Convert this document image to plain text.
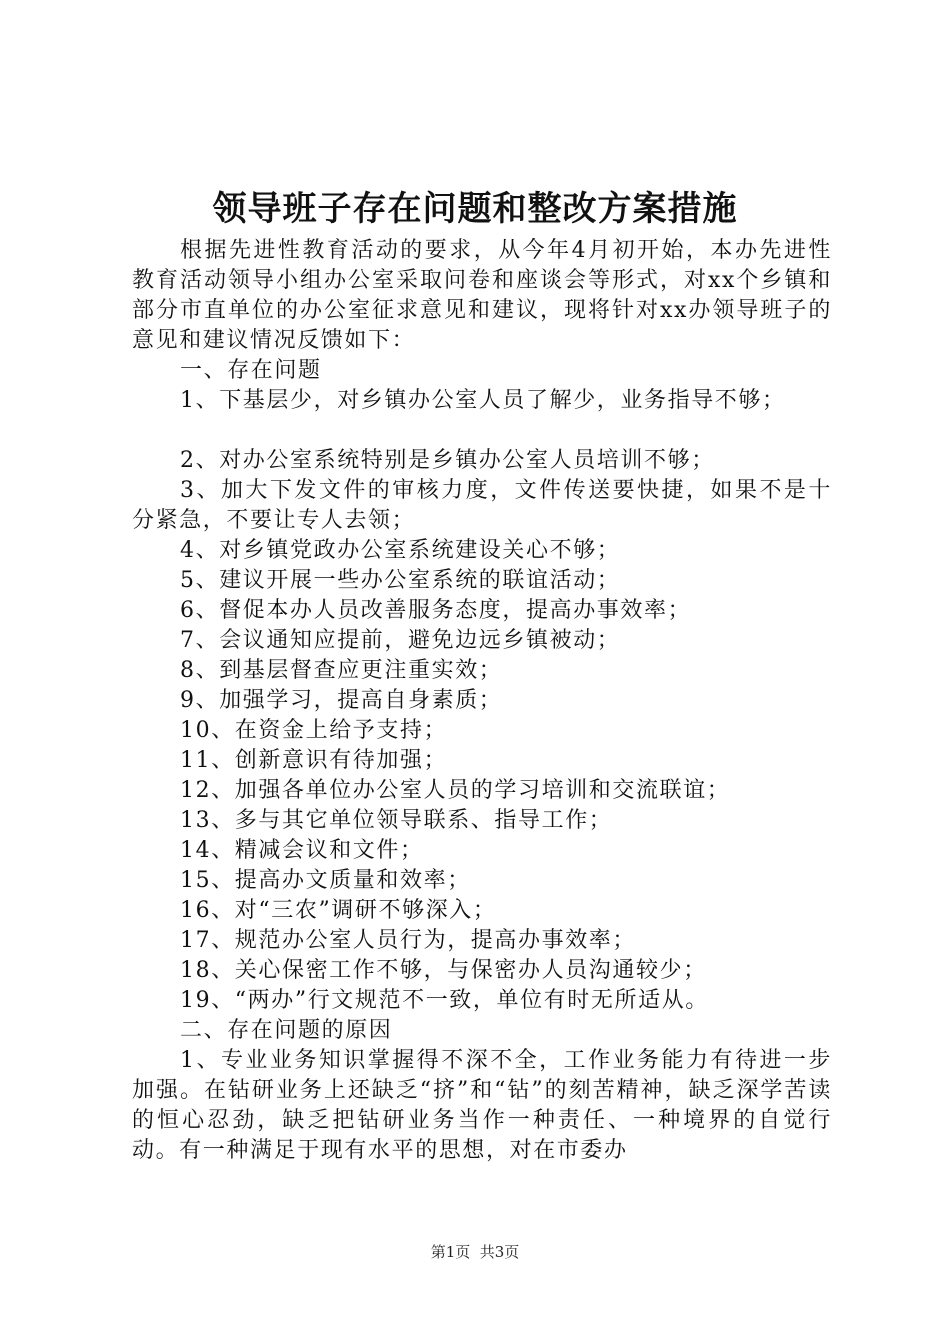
领导班子存在问题和整改方案措施

根据先进性教育活动的要求，从今年4月初开始，本办先进性教育活动领导小组办公室采取问卷和座谈会等形式，对xx个乡镇和部分市直单位的办公室征求意见和建议，现将针对xx办领导班子的意见和建议情况反馈如下：

一、存在问题

1、下基层少，对乡镇办公室人员了解少，业务指导不够；

2、对办公室系统特别是乡镇办公室人员培训不够；

3、加大下发文件的审核力度，文件传送要快捷，如果不是十分紧急，不要让专人去领；

4、对乡镇党政办公室系统建设关心不够；

5、建议开展一些办公室系统的联谊活动；

6、督促本办人员改善服务态度，提高办事效率；

7、会议通知应提前，避免边远乡镇被动；

8、到基层督查应更注重实效；

9、加强学习，提高自身素质；

10、在资金上给予支持；

11、创新意识有待加强；

12、加强各单位办公室人员的学习培训和交流联谊；

13、多与其它单位领导联系、指导工作；

14、精减会议和文件；

15、提高办文质量和效率；

16、对“三农”调研不够深入；

17、规范办公室人员行为，提高办事效率；

18、关心保密工作不够，与保密办人员沟通较少；

19、“两办”行文规范不一致，单位有时无所适从。

二、存在问题的原因

1、专业业务知识掌握得不深不全，工作业务能力有待进一步加强。在钻研业务上还缺乏“挤”和“钻”的刻苦精神，缺乏深学苦读的恒心忍劲，缺乏把钻研业务当作一种责任、一种境界的自觉行动。有一种满足于现有水平的思想，对在市委办

第1页  共3页
